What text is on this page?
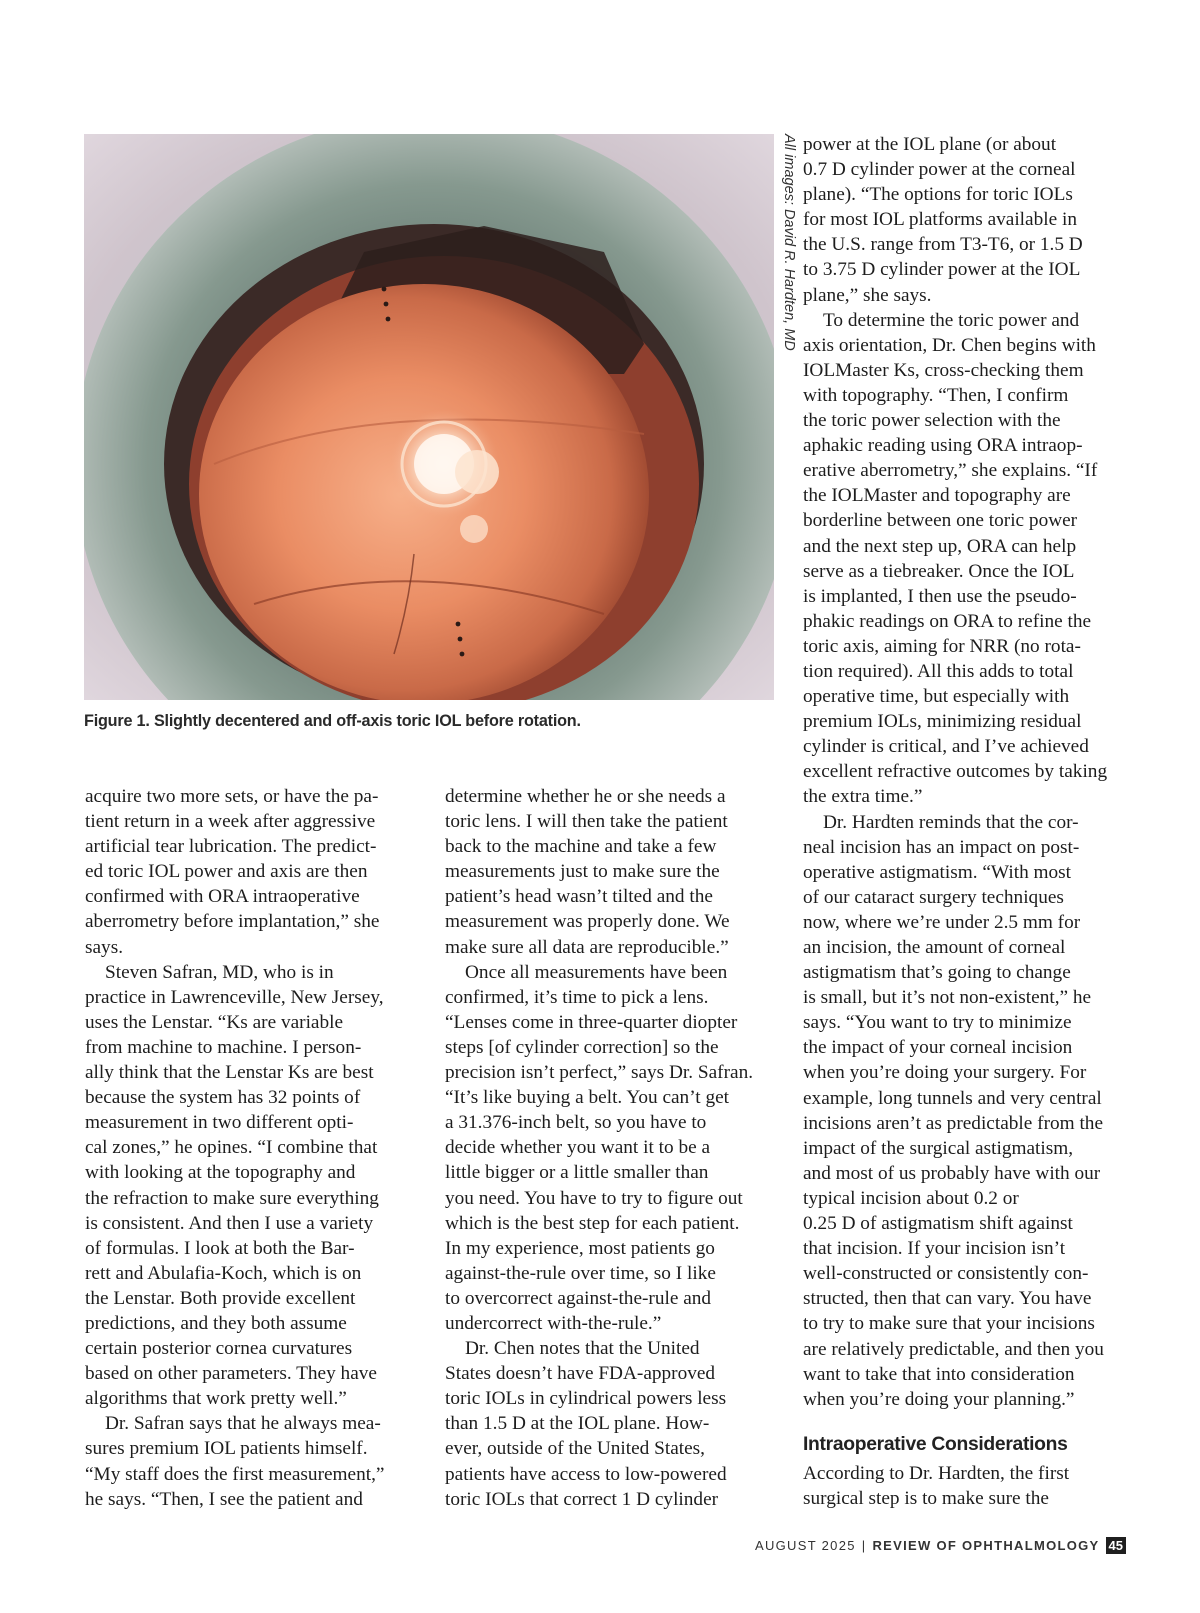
All images: David R. Hardten, MD
Figure 1. Slightly decentered and off-axis toric IOL before rotation.

acquire two more sets, or have the pa-

tient return in a week after aggressive

artificial tear lubrication. The predict-

ed toric IOL power and axis are then

confirmed with ORA intraoperative

aberrometry before implantation,” she

says.

Steven Safran, MD, who is in

practice in Lawrenceville, New Jersey,

uses the Lenstar. “Ks are variable

from machine to machine. I person-

ally think that the Lenstar Ks are best

because the system has 32 points of

measurement in two different opti-

cal zones,” he opines. “I combine that

with looking at the topography and

the refraction to make sure everything

is consistent. And then I use a variety

of formulas. I look at both the Bar-

rett and Abulafia-Koch, which is on

the Lenstar. Both provide excellent

predictions, and they both assume

certain posterior cornea curvatures

based on other parameters. They have

algorithms that work pretty well.”

Dr. Safran says that he always mea-

sures premium IOL patients himself.

“My staff does the first measurement,”

he says. “Then, I see the patient and

determine whether he or she needs a

toric lens. I will then take the patient

back to the machine and take a few

measurements just to make sure the

patient’s head wasn’t tilted and the

measurement was properly done. We

make sure all data are reproducible.”

Once all measurements have been

confirmed, it’s time to pick a lens.

“Lenses come in three-quarter diopter

steps [of cylinder correction] so the

precision isn’t perfect,” says Dr. Safran.

“It’s like buying a belt. You can’t get

a 31.376-inch belt, so you have to

decide whether you want it to be a

little bigger or a little smaller than

you need. You have to try to figure out

which is the best step for each patient.

In my experience, most patients go

against-the-rule over time, so I like

to overcorrect against-the-rule and

undercorrect with-the-rule.”

Dr. Chen notes that the United

States doesn’t have FDA-approved

toric IOLs in cylindrical powers less

than 1.5 D at the IOL plane. How-

ever, outside of the United States,

patients have access to low-powered

toric IOLs that correct 1 D cylinder

power at the IOL plane (or about

0.7 D cylinder power at the corneal

plane). “The options for toric IOLs

for most IOL platforms available in

the U.S. range from T3-T6, or 1.5 D

to 3.75 D cylinder power at the IOL

plane,” she says.

To determine the toric power and

axis orientation, Dr. Chen begins with

IOLMaster Ks, cross-checking them

with topography. “Then, I confirm

the toric power selection with the

aphakic reading using ORA intraop-

erative aberrometry,” she explains. “If

the IOLMaster and topography are

borderline between one toric power

and the next step up, ORA can help

serve as a tiebreaker. Once the IOL

is implanted, I then use the pseudo-

phakic readings on ORA to refine the

toric axis, aiming for NRR (no rota-

tion required). All this adds to total

operative time, but especially with

premium IOLs, minimizing residual

cylinder is critical, and I’ve achieved

excellent refractive outcomes by taking

the extra time.”

Dr. Hardten reminds that the cor-

neal incision has an impact on post-

operative astigmatism. “With most

of our cataract surgery techniques

now, where we’re under 2.5 mm for

an incision, the amount of corneal

astigmatism that’s going to change

is small, but it’s not non-existent,” he

says. “You want to try to minimize

the impact of your corneal incision

when you’re doing your surgery. For

example, long tunnels and very central

incisions aren’t as predictable from the

impact of the surgical astigmatism,

and most of us probably have with our

typical incision about 0.2 or

0.25 D of astigmatism shift against

that incision. If your incision isn’t

well-constructed or consistently con-

structed, then that can vary. You have

to try to make sure that your incisions

are relatively predictable, and then you

want to take that into consideration

when you’re doing your planning.”

Intraoperative Considerations

According to Dr. Hardten, the first

surgical step is to make sure the

AUGUST 2025 | REVIEW OF OPHTHALMOLOGY 45
